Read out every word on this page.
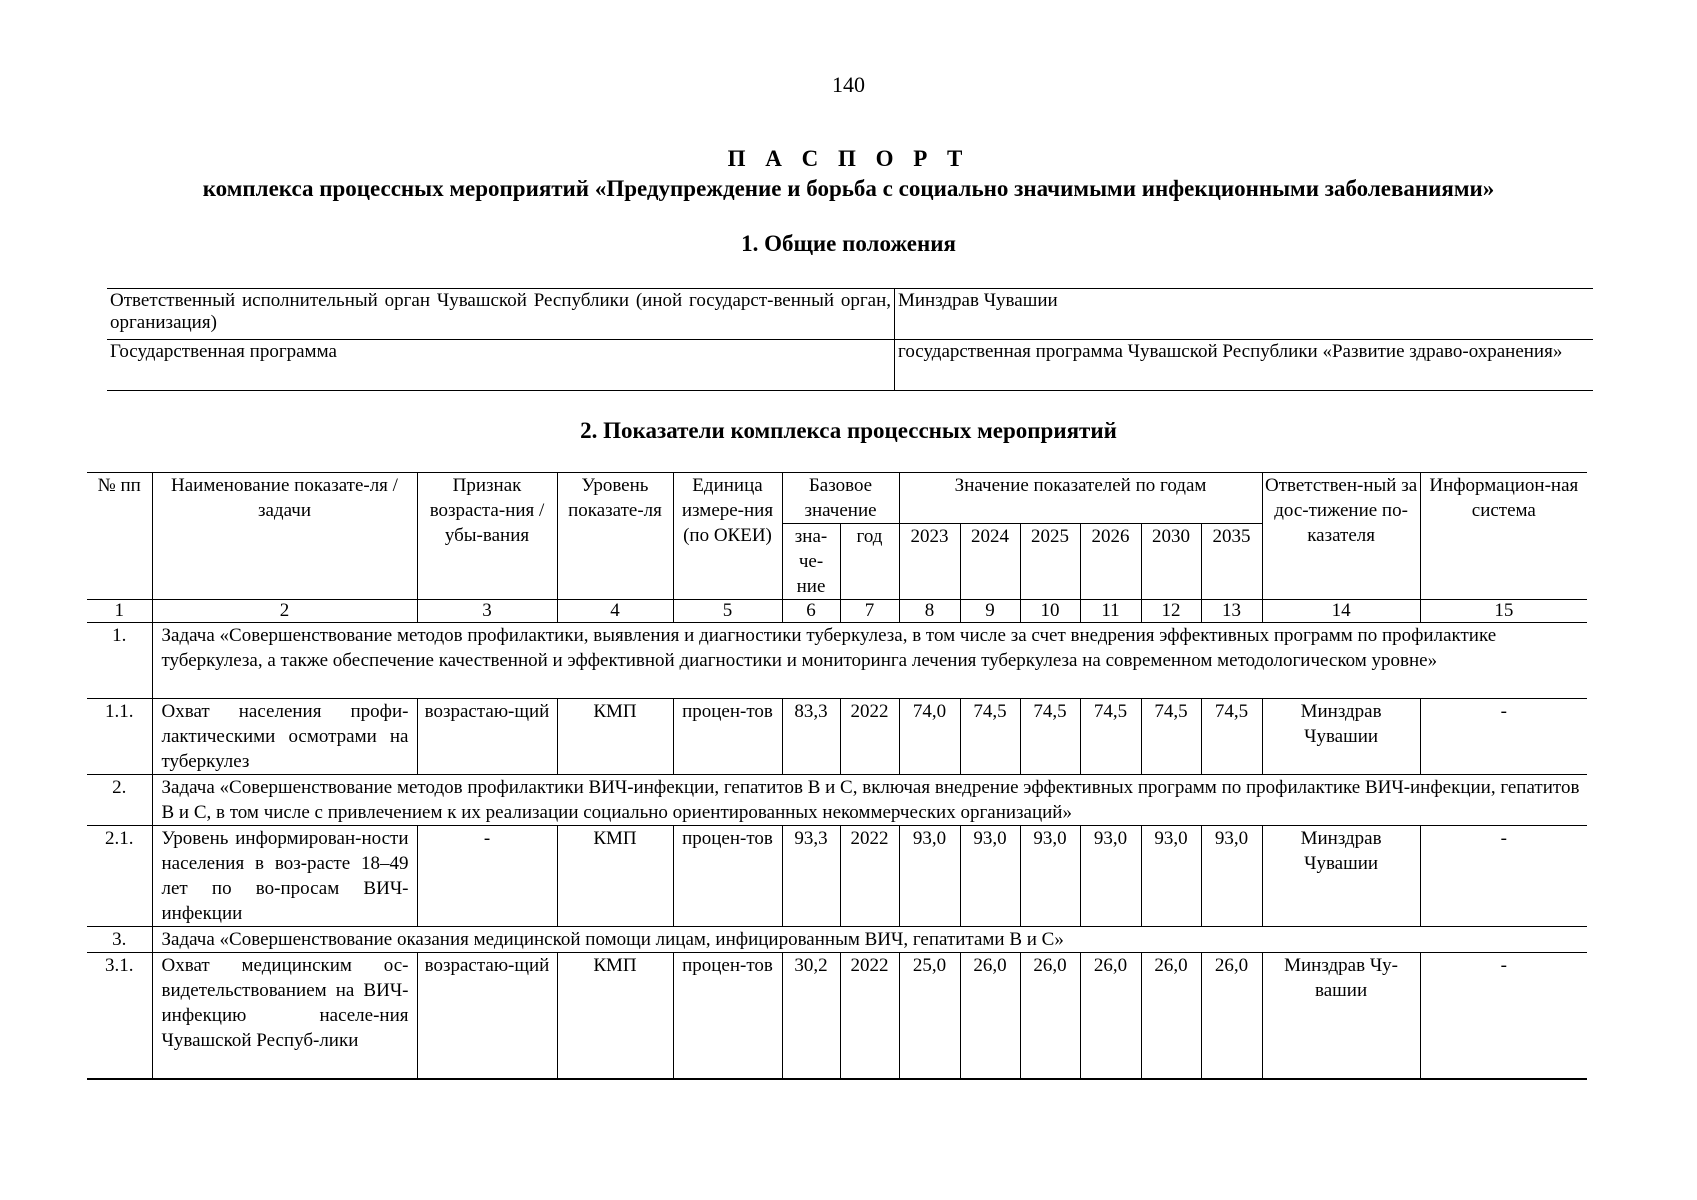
140
П А С П О Р Т
комплекса процессных мероприятий «Предупреждение и борьба с социально значимыми инфекционными заболеваниями»
1. Общие положения
Ответственный исполнительный орган Чувашской Республики (иной государст-венный орган, организация)	Минздрав Чувашии
Государственная программа	государственная программа Чувашской Республики «Развитие здраво-охранения»
2. Показатели комплекса процессных мероприятий
№ пп	Наименование показате-ля / задачи	Признак возраста-ния / убы-вания	Уровень показате-ля	Единица измере-ния (по ОКЕИ)	Базовое значение		Значение показателей по годам						Ответствен-ный за дос-тижение по-казателя	Информацион-ная система
					зна-че-ние	год	2023	2024	2025	2026	2030	2035		
1	2	3	4	5	6	7	8	9	10	11	12	13	14	15
1.	Задача «Совершенствование методов профилактики, выявления и диагностики туберкулеза, в том числе за счет внедрения эффективных программ по профилактике туберкулеза, а также обеспечение качественной и эффективной диагностики и мониторинга лечения туберкулеза на современном методологическом уровне»													
1.1.	Охват населения профи-лактическими осмотрами на туберкулез	возрастаю-щий	КМП	процен-тов	83,3	2022	74,0	74,5	74,5	74,5	74,5	74,5	Минздрав Чувашии	-
2.	Задача «Совершенствование методов профилактики ВИЧ-инфекции, гепатитов B и C, включая внедрение эффективных программ по профилактике ВИЧ-инфекции, гепатитов B и C, в том числе с привлечением к их реализации социально ориентированных некоммерческих организаций»													
2.1.	Уровень информирован-ности населения в воз-расте 18–49 лет по во-просам ВИЧ-инфекции	-	КМП	процен-тов	93,3	2022	93,0	93,0	93,0	93,0	93,0	93,0	Минздрав Чувашии	-
3.	Задача «Совершенствование оказания медицинской помощи лицам, инфицированным ВИЧ, гепатитами B и C»													
3.1.	Охват медицинским ос-видетельствованием на ВИЧ-инфекцию населе-ния Чувашской Респуб-лики	возрастаю-щий	КМП	процен-тов	30,2	2022	25,0	26,0	26,0	26,0	26,0	26,0	Минздрав Чу-вашии	-
